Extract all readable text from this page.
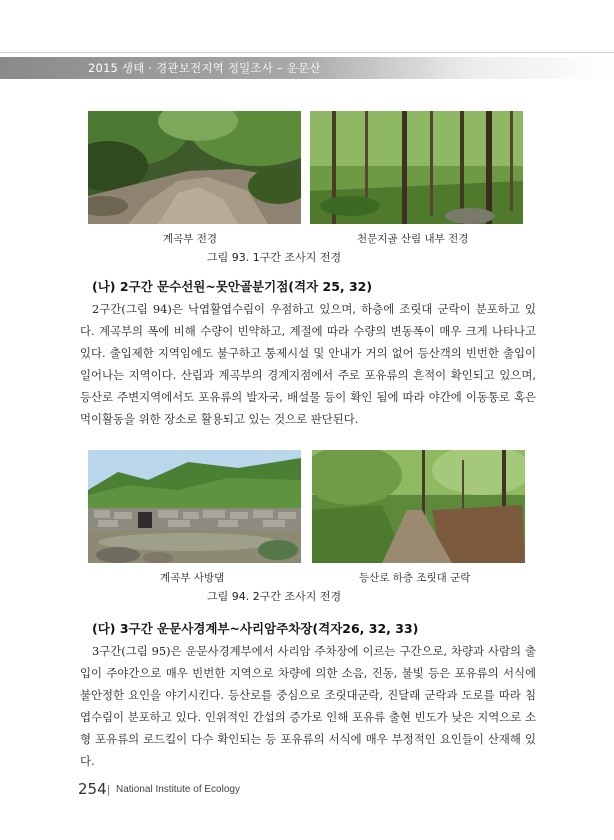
2015 생태 · 경관보전지역 정밀조사 – 운문산
계곡부 전경	천문지골 산림 내부 전경
그림 93. 1구간 조사지 전경
(나) 2구간 문수선원~못안골분기점(격자 25, 32)

2구간(그림 94)은 낙엽활엽수림이 우점하고 있으며, 하층에 조릿대 군락이 분포하고 있다. 계곡부의 폭에 비해 수량이 빈약하고, 계절에 따라 수량의 변동폭이 매우 크게 나타나고 있다. 출입제한 지역임에도 불구하고 통제시설 및 안내가 거의 없어 등산객의 빈번한 출입이 일어나는 지역이다. 산림과 계곡부의 경계지점에서 주로 포유류의 흔적이 확인되고 있으며, 등산로 주변지역에서도 포유류의 발자국, 배설물 등이 확인 됨에 따라 야간에 이동통로 혹은 먹이활동을 위한 장소로 활용되고 있는 것으로 판단된다.

계곡부 사방댐	등산로 하층 조릿대 군락
그림 94. 2구간 조사지 전경
(다) 3구간 운문사경계부~사리암주차장(격자26, 32, 33)

3구간(그림 95)은 운문사경계부에서 사리암 주차장에 이르는 구간으로, 차량과 사람의 출입이 주야간으로 매우 빈번한 지역으로 차량에 의한 소음, 진동, 불빛 등은 포유류의 서식에 불안정한 요인을 야기시킨다. 등산로를 중심으로 조릿대군락, 진달래 군락과 도로를 따라 침엽수림이 분포하고 있다. 인위적인 간섭의 증가로 인해 포유류 출현 빈도가 낮은 지역으로 소형 포유류의 로드킬이 다수 확인되는 등 포유류의 서식에 매우 부정적인 요인들이 산재해 있다.

254 National Institute of Ecology
